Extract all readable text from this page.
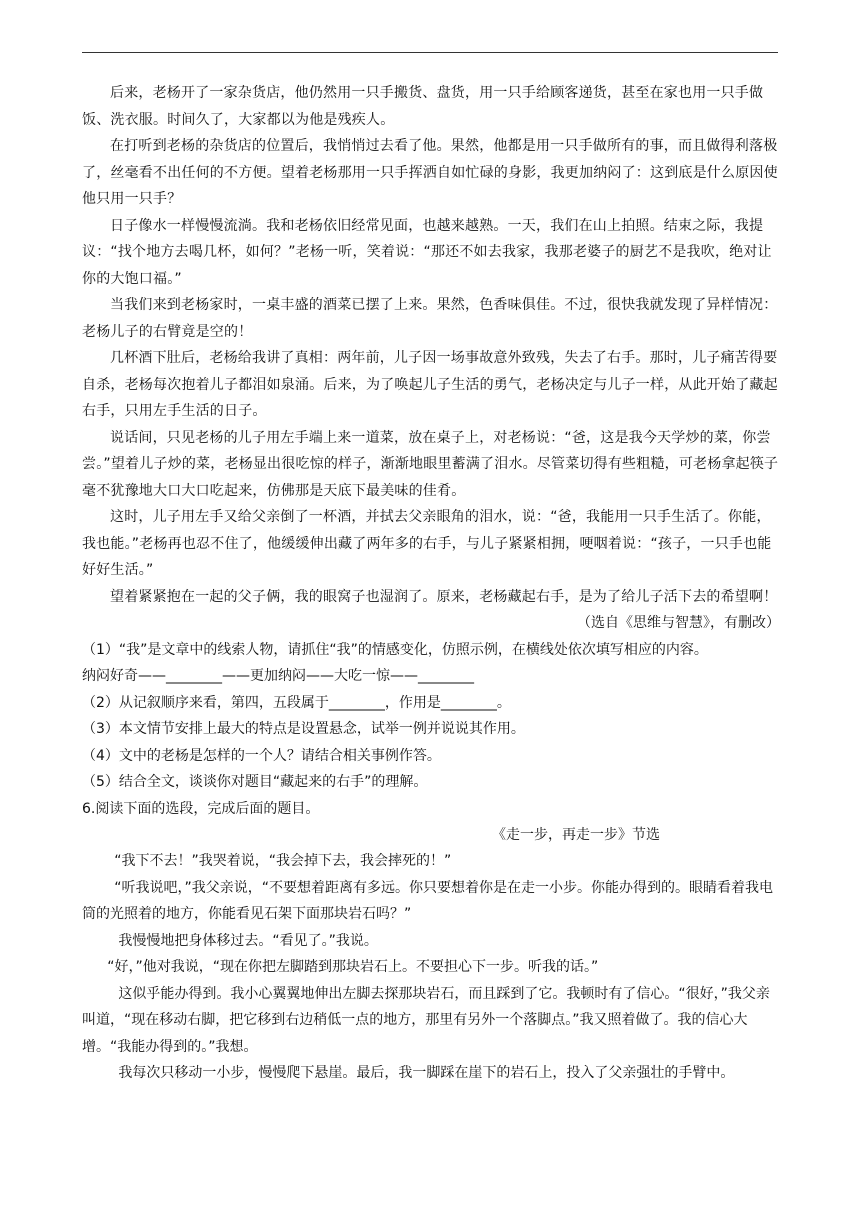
后来，老杨开了一家杂货店，他仍然用一只手搬货、盘货，用一只手给顾客递货，甚至在家也用一只手做饭、洗衣服。时间久了，大家都以为他是残疾人。

在打听到老杨的杂货店的位置后，我悄悄过去看了他。果然，他都是用一只手做所有的事，而且做得利落极了，丝毫看不出任何的不方便。望着老杨那用一只手挥洒自如忙碌的身影，我更加纳闷了：这到底是什么原因使他只用一只手？

日子像水一样慢慢流淌。我和老杨依旧经常见面，也越来越熟。一天，我们在山上拍照。结束之际，我提议：“找个地方去喝几杯，如何？”老杨一听，笑着说：“那还不如去我家，我那老婆子的厨艺不是我吹，绝对让你的大饱口福。”

当我们来到老杨家时，一桌丰盛的酒菜已摆了上来。果然，色香味俱佳。不过，很快我就发现了异样情况：老杨儿子的右臂竟是空的！

几杯酒下肚后，老杨给我讲了真相：两年前，儿子因一场事故意外致残，失去了右手。那时，儿子痛苦得要自杀，老杨每次抱着儿子都泪如泉涌。后来，为了唤起儿子生活的勇气，老杨决定与儿子一样，从此开始了藏起右手，只用左手生活的日子。

说话间，只见老杨的儿子用左手端上来一道菜，放在桌子上，对老杨说：“爸，这是我今天学炒的菜，你尝尝。”望着儿子炒的菜，老杨显出很吃惊的样子，渐渐地眼里蓄满了泪水。尽管菜切得有些粗糙，可老杨拿起筷子毫不犹豫地大口大口吃起来，仿佛那是天底下最美味的佳肴。

这时，儿子用左手又给父亲倒了一杯酒，并拭去父亲眼角的泪水，说：“爸，我能用一只手生活了。你能，我也能。”老杨再也忍不住了，他缓缓伸出藏了两年多的右手，与儿子紧紧相拥，哽咽着说：“孩子，一只手也能好好生活。”

望着紧紧抱在一起的父子俩，我的眼窝子也湿润了。原来，老杨藏起右手，是为了给儿子活下去的希望啊！

（选自《思维与智慧》，有删改）

（1）“我”是文章中的线索人物，请抓住“我”的情感变化，仿照示例，在横线处依次填写相应的内容。

纳闷好奇——________——更加纳闷——大吃一惊——________

（2）从记叙顺序来看，第四，五段属于________，作用是________。

（3）本文情节安排上最大的特点是设置悬念，试举一例并说说其作用。

（4）文中的老杨是怎样的一个人？请结合相关事例作答。

（5）结合全文，谈谈你对题目“藏起来的右手”的理解。

6.阅读下面的选段，完成后面的题目。

《走一步，再走一步》节选

“我下不去！”我哭着说，“我会掉下去，我会摔死的！”

“听我说吧，”我父亲说，“不要想着距离有多远。你只要想着你是在走一小步。你能办得到的。眼睛看着我电筒的光照着的地方，你能看见石架下面那块岩石吗？”

我慢慢地把身体移过去。“看见了。”我说。

“好，”他对我说，“现在你把左脚踏到那块岩石上。不要担心下一步。听我的话。”

这似乎能办得到。我小心翼翼地伸出左脚去探那块岩石，而且踩到了它。我顿时有了信心。“很好，”我父亲叫道，“现在移动右脚，把它移到右边稍低一点的地方，那里有另外一个落脚点。”我又照着做了。我的信心大增。“我能办得到的。”我想。

我每次只移动一小步，慢慢爬下悬崖。最后，我一脚踩在崖下的岩石上，投入了父亲强壮的手臂中。
